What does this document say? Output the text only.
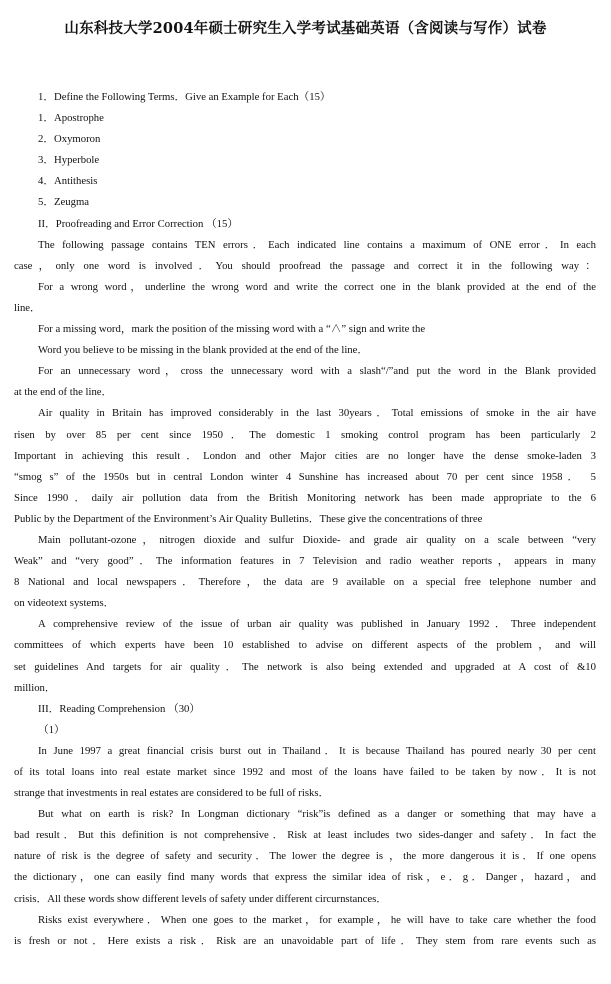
山东科技大学2004年硕士研究生入学考试基础英语（含阅读与写作）试卷
1．Define the Following Terms．Give an Example for Each（15）
1．Apostrophe
2．Oxymoron
3．Hyperbole
4．Antithesis
5．Zeugma
II．Proofreading and Error Correction （15）
The following passage contains TEN errors．Each indicated line contains a maximum of ONE error．In each
case，only one word is involved．You should proofread the passage and correct it in the following way：
For a wrong word，underline the wrong word and write the correct one in the blank provided at the end of the
line．
For a missing word，mark the position of the missing word with a “∧” sign and write the
Word you believe to be missing in the blank provided at the end of the line．
For an unnecessary word，cross the unnecessary word with a slash“/”and put the word in the Blank provided
at the end of the line．
Air quality in Britain has improved considerably in the last 30years．Total emissions of smoke in the air have
risen by over 85 per cent since 1950．The domestic 1 smoking control program has been particularly 2
Important in achieving this result．London and other Major cities are no longer have the dense smoke-laden 3
“smog s” of the 1950s but in central London winter 4 Sunshine has increased about 70 per cent since 1958． 5
Since 1990．daily air pollution data from the British Monitoring network has been made appropriate to the 6
Public by the Department of the Environment’s Air Quality Bulletins．These give the concentrations of three
Main pollutant-ozone，nitrogen dioxide and sulfur Dioxide- and grade air quality on a scale between “very
Weak” and “very good”．The information features in 7 Television and radio weather reports，appears in many
8 National and local newspapers．Therefore，the data are 9 available on a special free telephone number and
on videotext systems．
A comprehensive review of the issue of urban air quality was published in January 1992．Three independent
committees of which experts have been 10 established to advise on different aspects of the problem，and will
set guidelines And targets for air quality．The network is also being extended and upgraded at A cost of &10
million．
III．Reading Comprehension （30）
（1）
In June 1997 a great financial crisis burst out in Thailand．It is because Thailand has poured nearly 30 per cent
of its total loans into real estate market since 1992 and most of the loans have failed to be taken by now．It is not
strange that investments in real estates are considered to be full of risks．
But what on earth is risk? In Longman dictionary “risk”is defined as a danger or something that may have a
bad result．But this definition is not comprehensive．Risk at least includes two sides-danger and safety．In fact the
nature of risk is the degree of safety and security．The lower the degree is ，the more dangerous it is．If one opens
the dictionary，one can easily find many words that express the similar idea of risk，e．g．Danger，hazard，and
crisis．All these words show different levels of safety under different circurnstances．
Risks exist everywhere．When one goes to the market，for example，he will have to take care whether the food
is fresh or not．Here exists a risk．Risk are an unavoidable part of life．They stem from rare events such as
